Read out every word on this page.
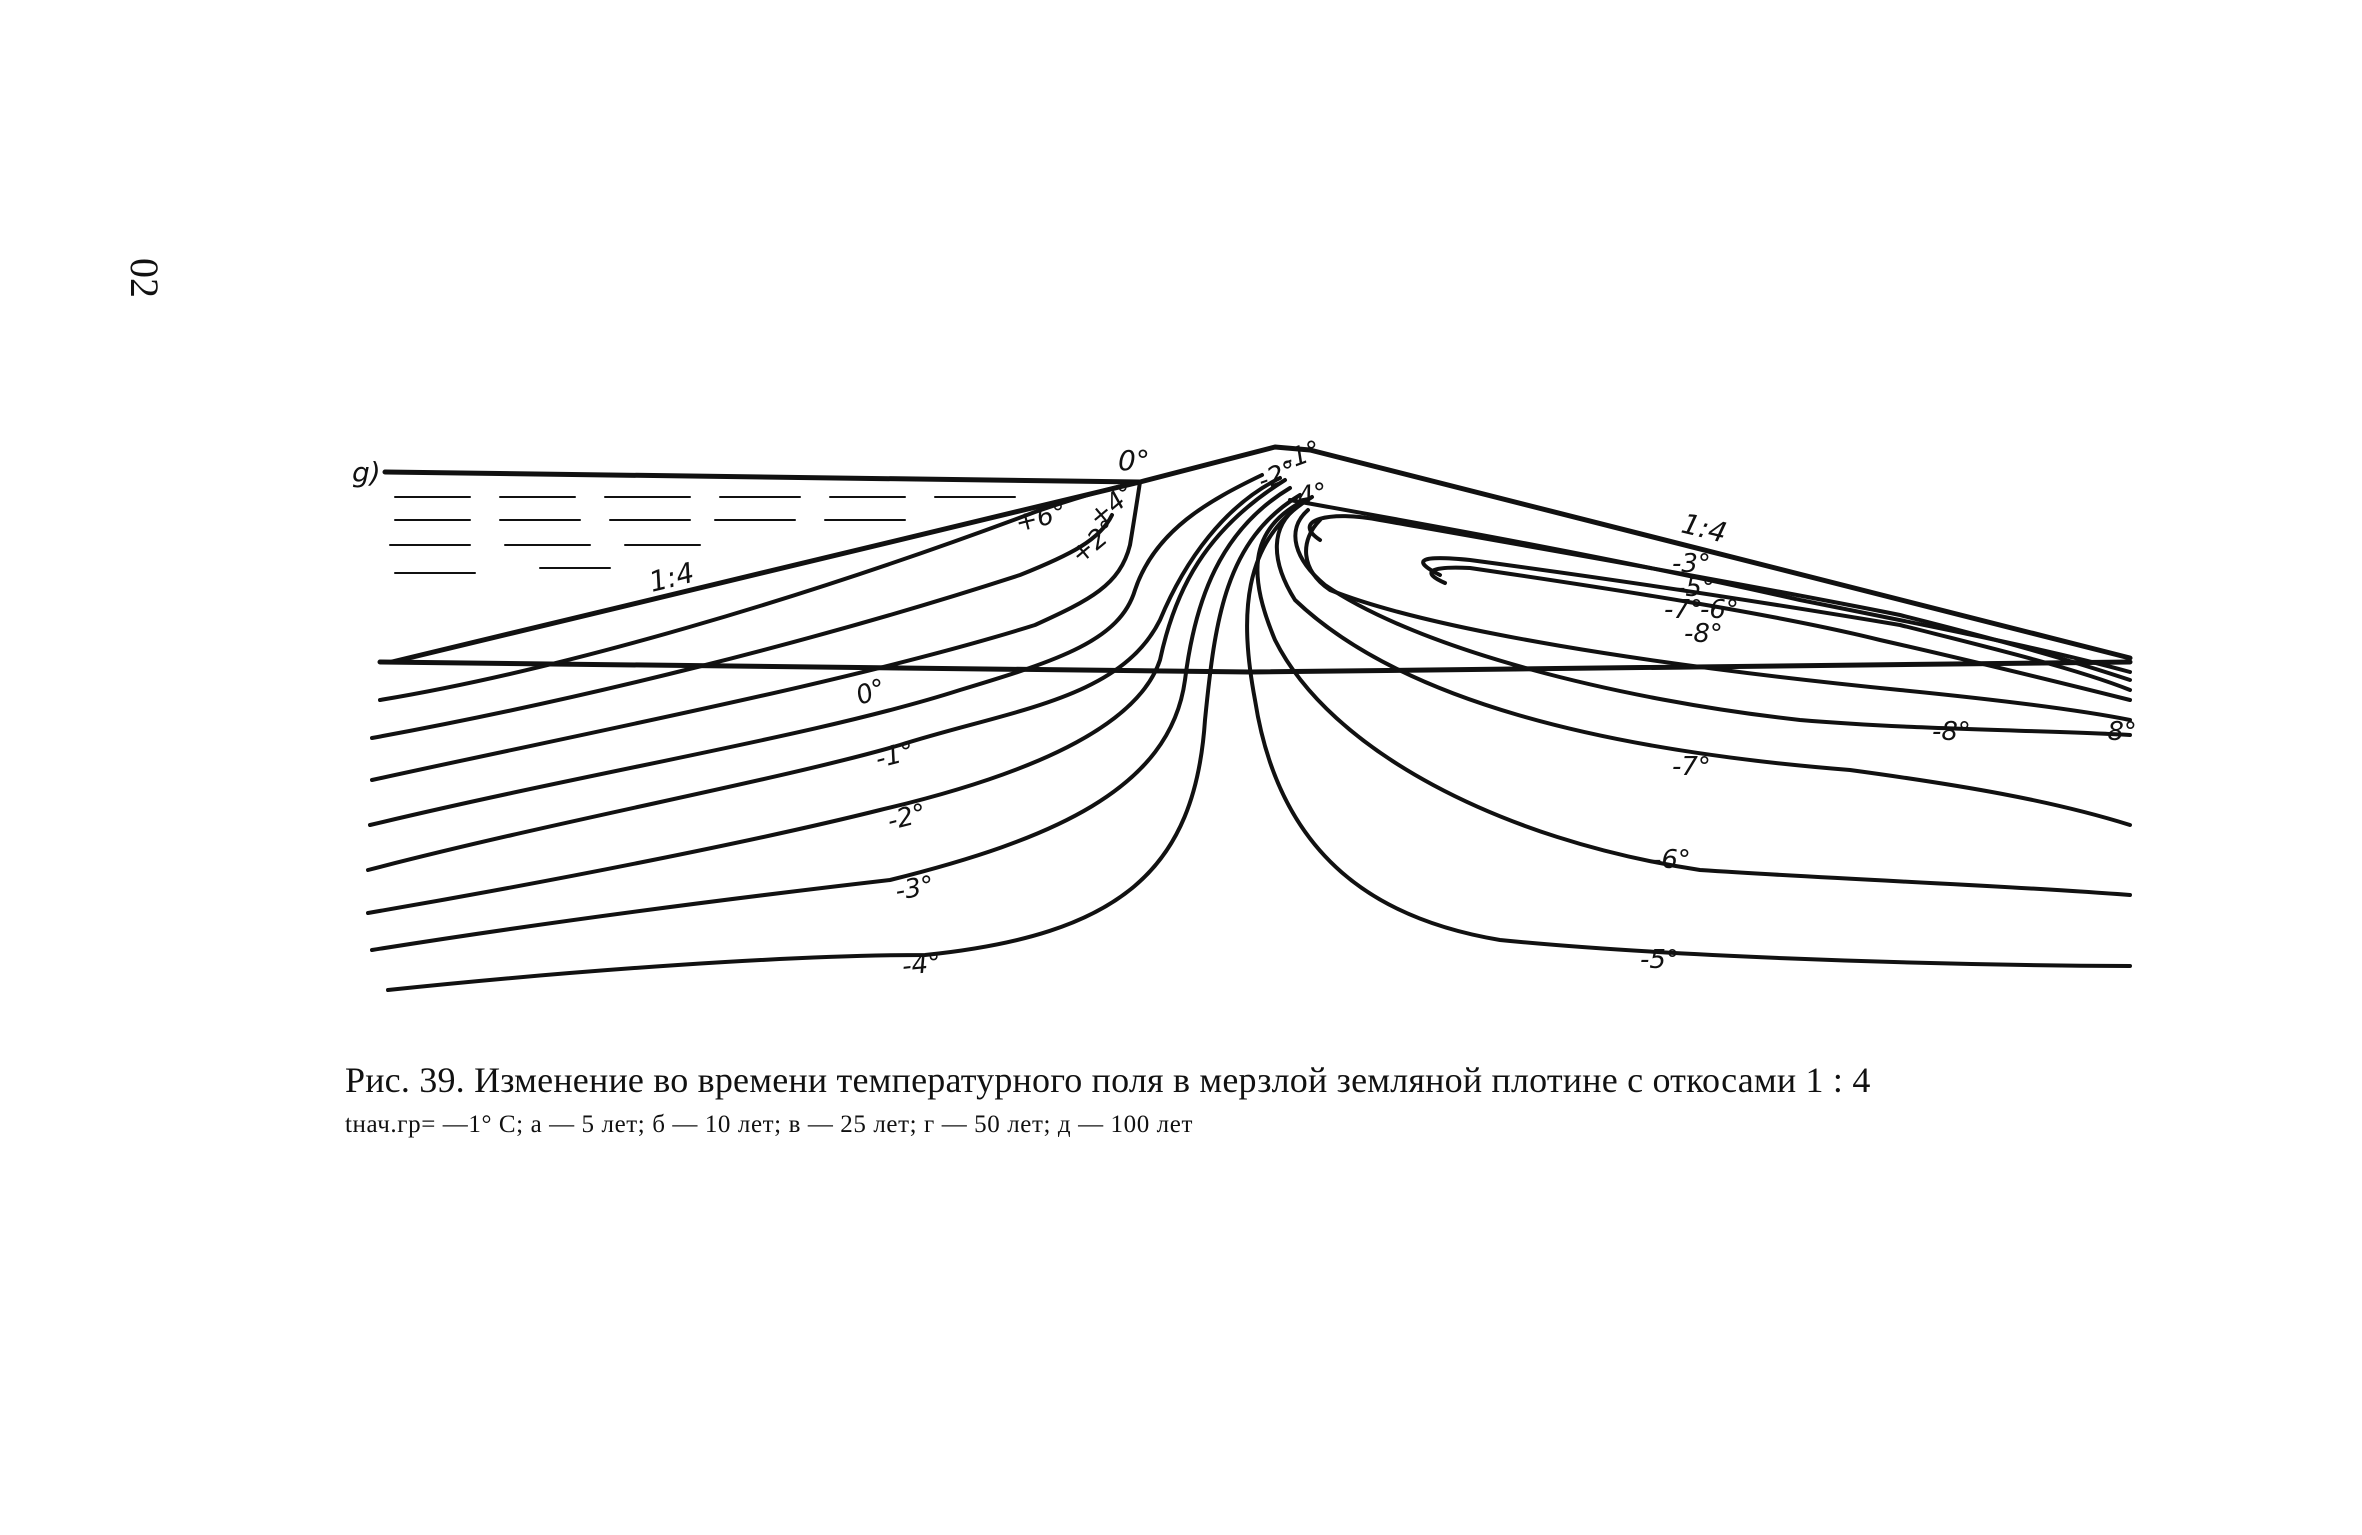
02
g)
1:4
1:4
0°
+6° +4°
+2°
-1°
-2°
-4°
0°
-1°
-2°
-3°
-4°
-3°
-5°
-7°
-6°
-8°
-8°	-8°
-7°
-6°
-5°
Рис. 39. Изменение во времени температурного поля в мерзлой земляной плотине с откосами 1 : 4
tнач.гр= —1° С; а — 5 лет; б — 10 лет; в — 25 лет; г — 50 лет; д — 100 лет
